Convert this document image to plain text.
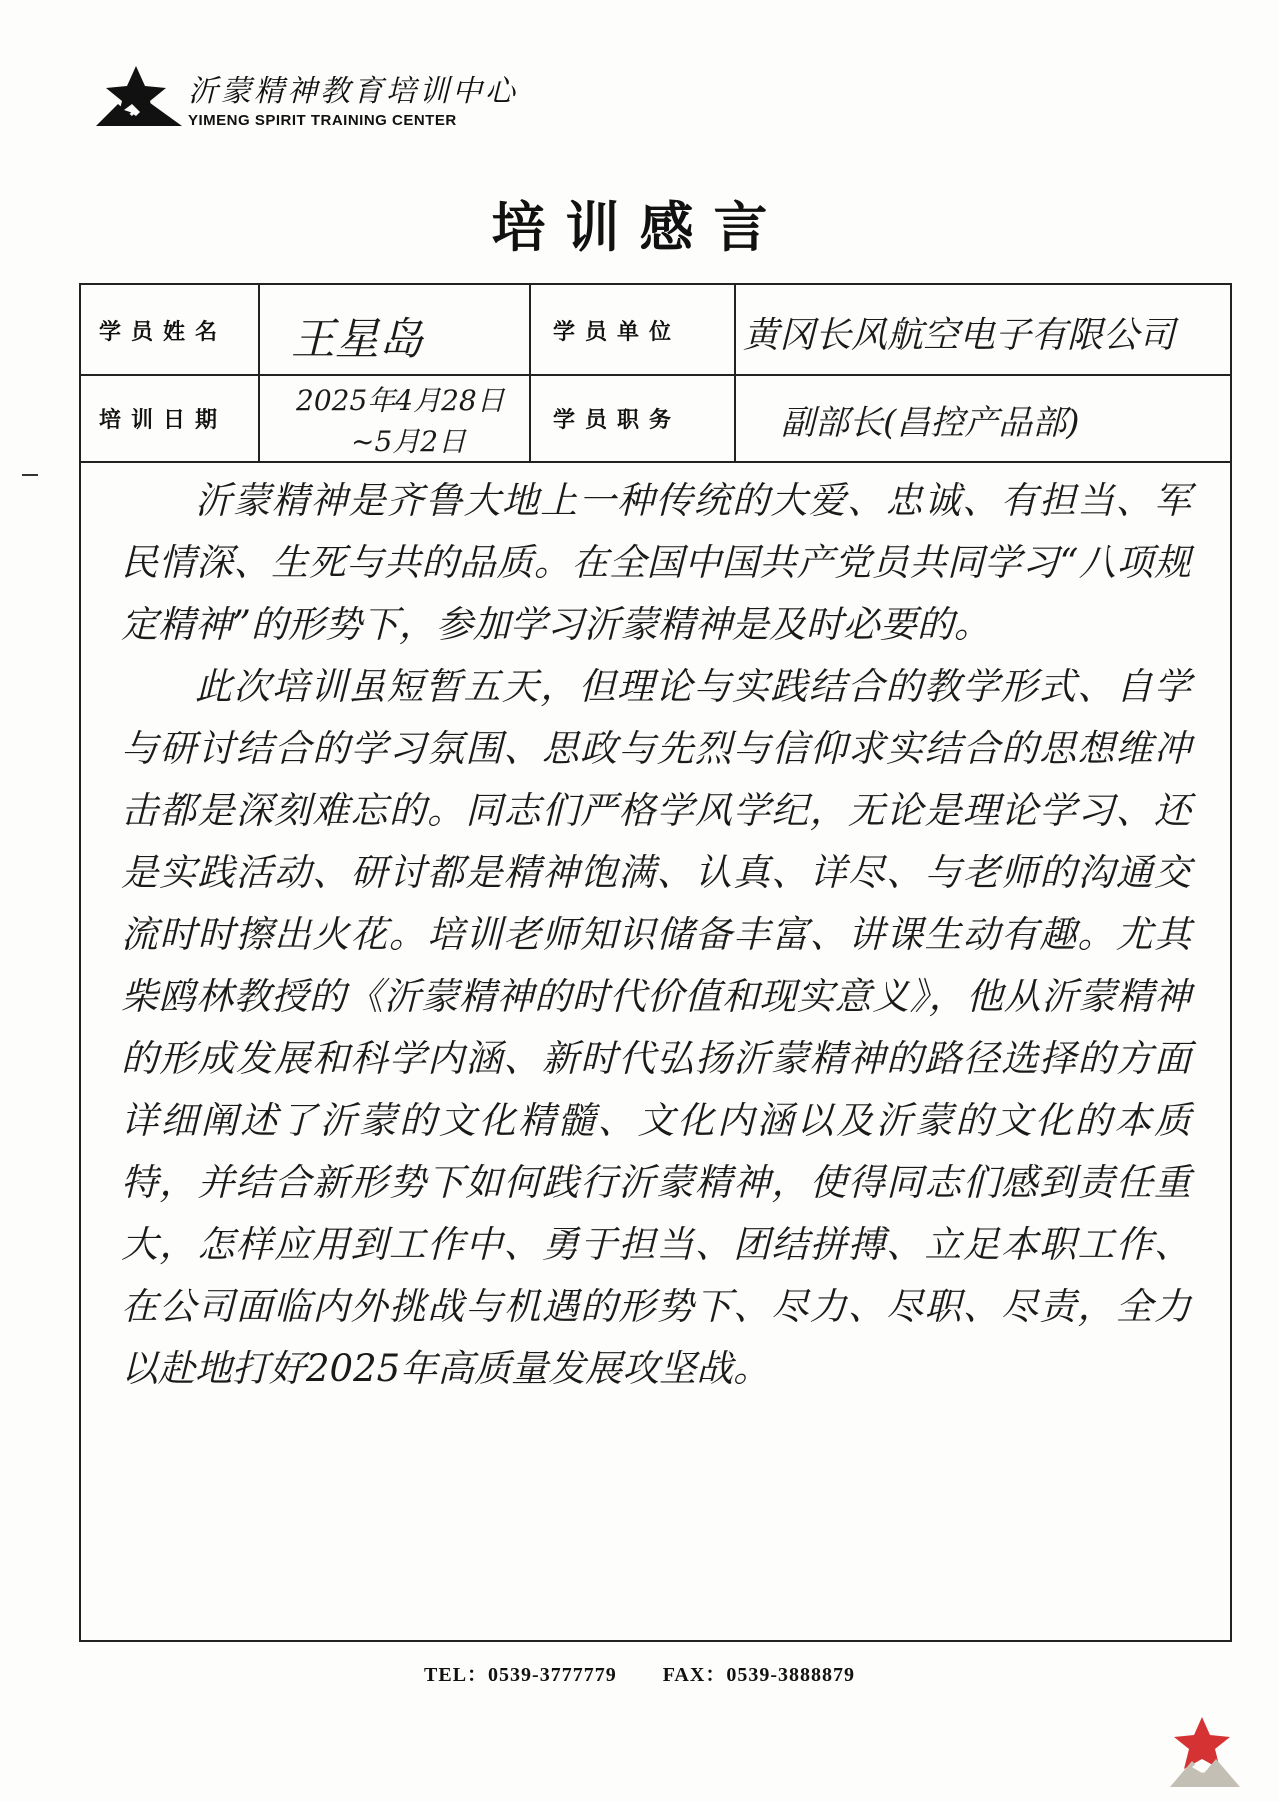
沂蒙精神教育培训中心
YIMENG SPIRIT TRAINING CENTER
培训感言
学员姓名 王星岛	学员单位 黄冈长风航空电子有限公司
培训日期
2025年4月28日
~5月2日
学员职务	副部长(昌控产品部)

沂蒙精神是齐鲁大地上一种传统的大爱、忠诚、有担当、军民情深、生死与共的品质。在全国中国共产党员共同学习“八项规定精神”的形势下，参加学习沂蒙精神是及时必要的。

此次培训虽短暂五天，但理论与实践结合的教学形式、自学与研讨结合的学习氛围、思政与先烈与信仰求实结合的思想维冲击都是深刻难忘的。同志们严格学风学纪，无论是理论学习、还是实践活动、研讨都是精神饱满、认真、详尽、与老师的沟通交流时时擦出火花。培训老师知识储备丰富、讲课生动有趣。尤其柴鸥林教授的《沂蒙精神的时代价值和现实意义》，他从沂蒙精神的形成发展和科学内涵、新时代弘扬沂蒙精神的路径选择的方面详细阐述了沂蒙的文化精髓、文化内涵以及沂蒙的文化的本质特，并结合新形势下如何践行沂蒙精神，使得同志们感到责任重大，怎样应用到工作中、勇于担当、团结拼搏、立足本职工作、在公司面临内外挑战与机遇的形势下、尽力、尽职、尽责，全力以赴地打好2025年高质量发展攻坚战。

TEL：0539-3777779 FAX：0539-3888879
